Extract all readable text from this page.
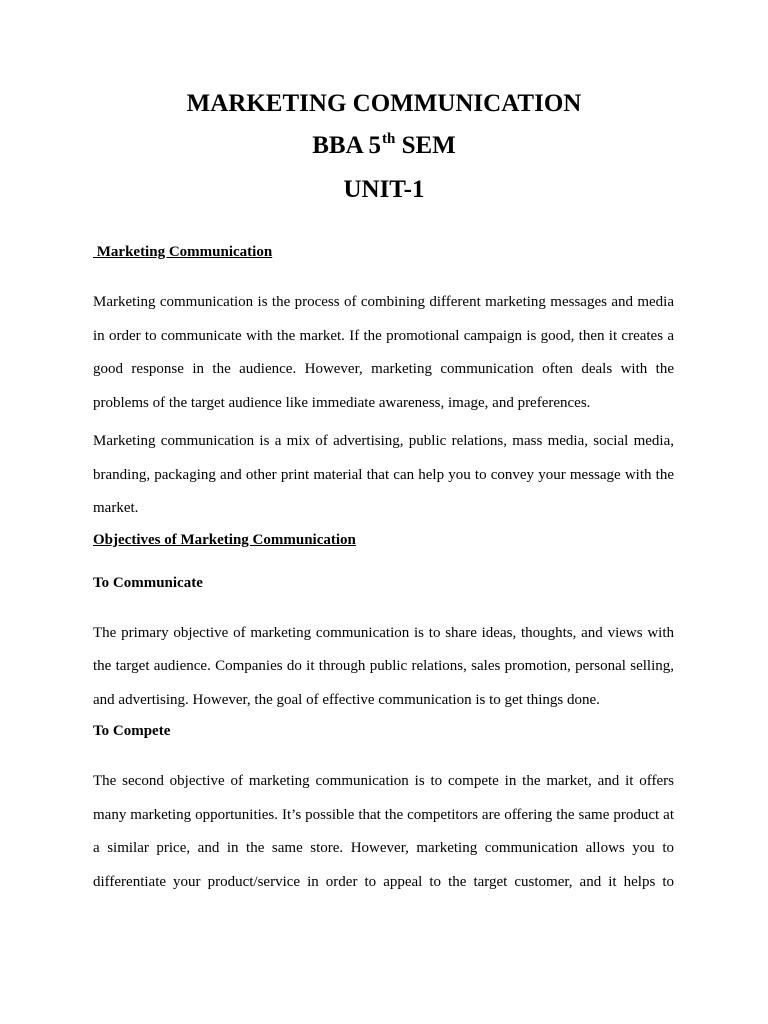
MARKETING COMMUNICATION
BBA 5th SEM
UNIT-1

Marketing Communication

Marketing communication is the process of combining different marketing messages and media in order to communicate with the market. If the promotional campaign is good, then it creates a good response in the audience. However, marketing communication often deals with the problems of the target audience like immediate awareness, image, and preferences.

Marketing communication is a mix of advertising, public relations, mass media, social media, branding, packaging and other print material that can help you to convey your message with the market.

Objectives of Marketing Communication

To Communicate

The primary objective of marketing communication is to share ideas, thoughts, and views with the target audience. Companies do it through public relations, sales promotion, personal selling, and advertising. However, the goal of effective communication is to get things done.

To Compete

The second objective of marketing communication is to compete in the market, and it offers many marketing opportunities. It’s possible that the competitors are offering the same product at a similar price, and in the same store. However, marketing communication allows you to differentiate your product/service in order to appeal to the target customer, and it helps to
